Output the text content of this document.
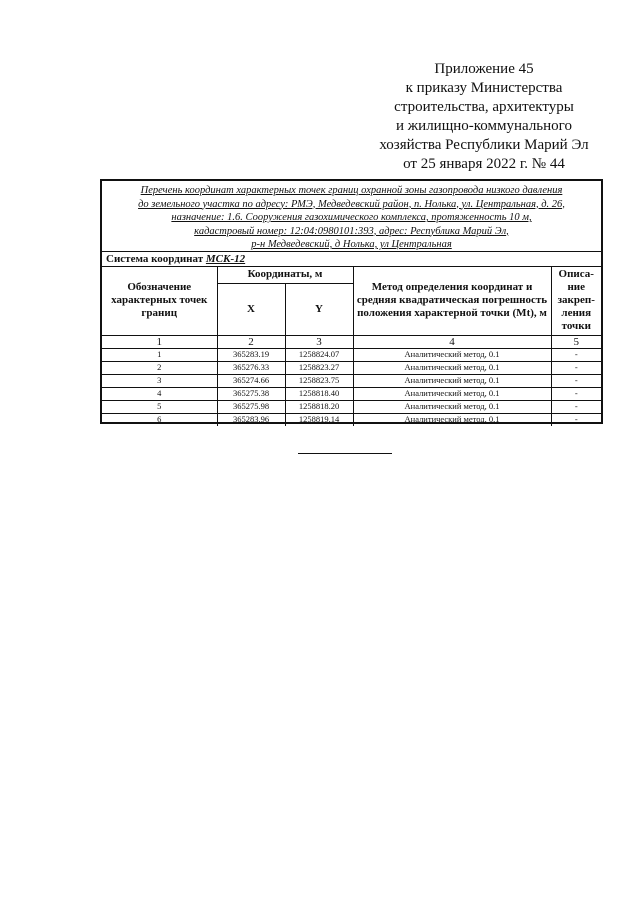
Приложение 45
к приказу Министерства
строительства, архитектуры
и жилищно-коммунального
хозяйства Республики Марий Эл
от 25 января 2022 г. № 44
Перечень координат характерных точек границ охранной зоны газопровода низкого давления
до земельного участка по адресу: РМЭ, Медведевский район, п. Нолька, ул. Центральная, д. 26,
назначение: 1.6. Сооружения газохимического комплекса, протяженность 10 м,
кадастровый номер: 12:04:0980101:393, адрес: Республика Марий Эл,
р-н Медведевский, д Нолька, ул Центральная
Система координат МСК-12
Обозначение характерных точек границ	Координаты, м		Метод определения координат и средняя квадратическая погрешность положения характерной точки (Mt), м	Описа-ние закреп-ления точки
	X	Y		
1	2	3	4	5
1	365283.19	1258824.07	Аналитический метод, 0.1	-
2	365276.33	1258823.27	Аналитический метод, 0.1	-
3	365274.66	1258823.75	Аналитический метод, 0.1	-
4	365275.38	1258818.40	Аналитический метод, 0.1	-
5	365275.98	1258818.20	Аналитический метод, 0.1	-
6	365283.96	1258819.14	Аналитический метод, 0.1	-
